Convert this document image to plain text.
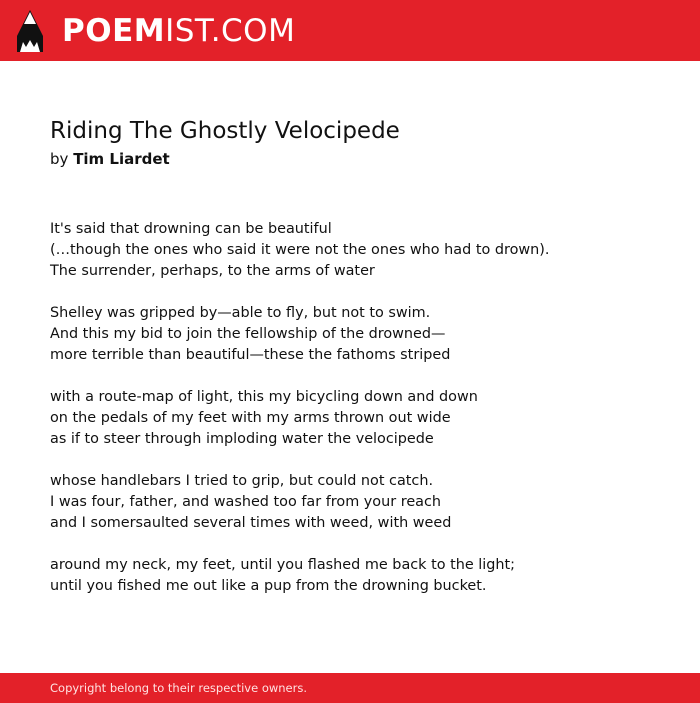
POEMIST.COM
Riding The Ghostly Velocipede
by Tim Liardet
It's said that drowning can be beautiful
(…though the ones who said it were not the ones who had to drown).
The surrender, perhaps, to the arms of water
Shelley was gripped by—able to fly, but not to swim.
And this my bid to join the fellowship of the drowned—
more terrible than beautiful—these the fathoms striped
with a route-map of light, this my bicycling down and down
on the pedals of my feet with my arms thrown out wide
as if to steer through imploding water the velocipede
whose handlebars I tried to grip, but could not catch.
I was four, father, and washed too far from your reach
and I somersaulted several times with weed, with weed
around my neck, my feet, until you flashed me back to the light;
until you fished me out like a pup from the drowning bucket.
Copyright belong to their respective owners.
